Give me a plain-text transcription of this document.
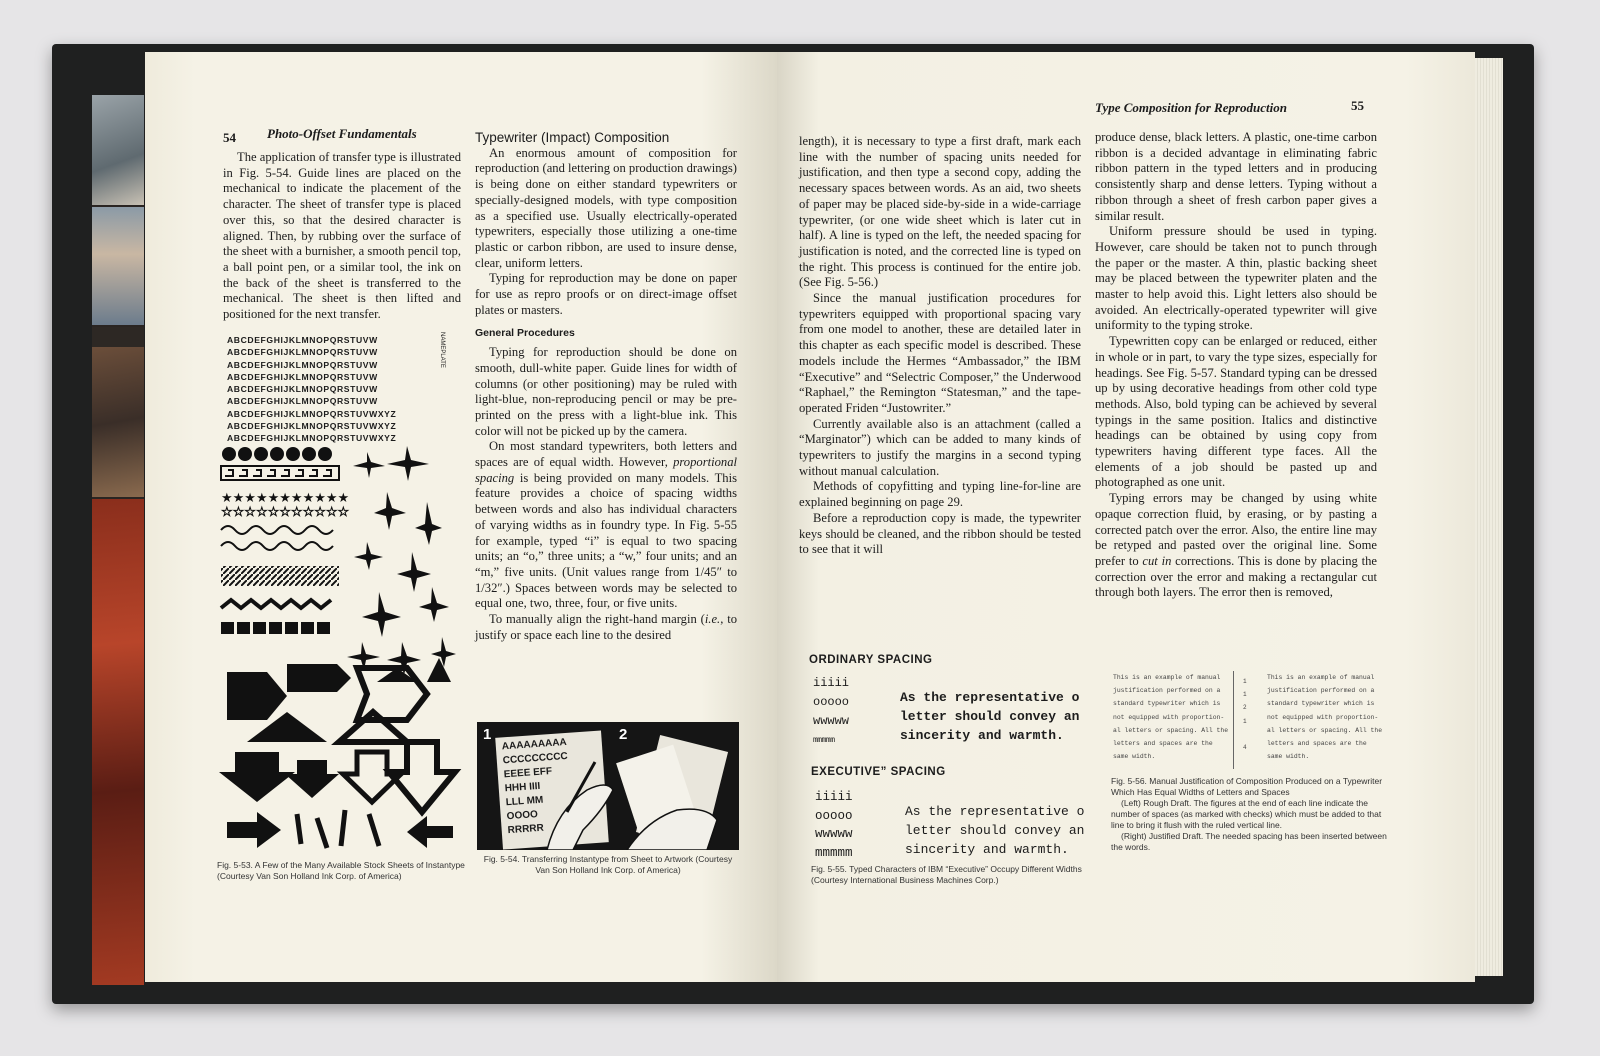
54 Photo-Offset Fundamentals

The application of transfer type is illustrated in Fig. 5-54. Guide lines are placed on the mechanical to indicate the placement of the character. The sheet of transfer type is placed over this, so that the desired character is aligned. Then, by rubbing over the surface of the sheet with a burnisher, a smooth pencil top, a ball point pen, or a similar tool, the ink on the back of the sheet is transferred to the mechanical. The sheet is then lifted and positioned for the next transfer.

ABCDEFGHIJKLMNOPQRSTUVW
ABCDEFGHIJKLMNOPQRSTUVW
ABCDEFGHIJKLMNOPQRSTUVW
ABCDEFGHIJKLMNOPQRSTUVW
ABCDEFGHIJKLMNOPQRSTUVW
ABCDEFGHIJKLMNOPQRSTUVW
ABCDEFGHIJKLMNOPQRSTUVWXYZ
ABCDEFGHIJKLMNOPQRSTUVWXYZ
ABCDEFGHIJKLMNOPQRSTUVWXYZ
NAMEPLATE
★★★★★★★★★★★
☆☆☆☆☆☆☆☆☆☆☆
Fig. 5-53. A Few of the Many Available Stock Sheets of Instantype (Courtesy Van Son Holland Ink Corp. of America)

Typewriter (Impact) Composition

An enormous amount of composition for reproduction (and lettering on production drawings) is being done on either standard typewriters or specially-designed models, with type composition as a specified use. Usually electrically-operated typewriters, especially those utilizing a one-time plastic or carbon ribbon, are used to insure dense, clear, uniform letters.

Typing for reproduction may be done on paper for use as repro proofs or on direct-image offset plates or masters.

General Procedures

Typing for reproduction should be done on smooth, dull-white paper. Guide lines for width of columns (or other positioning) may be ruled with light-blue, non-reproducing pencil or may be pre-printed on the press with a light-blue ink. This color will not be picked up by the camera.

On most standard typewriters, both letters and spaces are of equal width. However, proportional spacing is being provided on many models. This feature provides a choice of spacing widths between words and also has individual characters of varying widths as in foundry type. In Fig. 5-55 for example, typed “i” is equal to two spacing units; an “o,” three units; a “w,” four units; and an “m,” five units. (Unit values range from 1/45″ to 1/32″.) Spaces between words may be selected to equal one, two, three, four, or five units.

To manually align the right-hand margin (i.e., to justify or space each line to the desired

1	2
AAAAAAAAA
CCCCCCCCC
EEEE EFF
HHH IIII
LLL MM
OOOO
RRRRR
Fig. 5-54. Transferring Instantype from Sheet to Artwork (Courtesy Van Son Holland Ink Corp. of America)
Type Composition for Reproduction	55

length), it is necessary to type a first draft, mark each line with the number of spacing units needed for justification, and then type a second copy, adding the necessary spaces between words. As an aid, two sheets of paper may be placed side-by-side in a wide-carriage typewriter, (or one wide sheet which is later cut in half). A line is typed on the left, the needed spacing for justification is noted, and the corrected line is typed on the right. This process is continued for the entire job. (See Fig. 5-56.)

Since the manual justification procedures for typewriters equipped with proportional spacing vary from one model to another, these are detailed later in this chapter as each specific model is described. These models include the Hermes “Ambassador,” the IBM “Executive” and “Selectric Composer,” the Underwood “Raphael,” the Remington “Statesman,” and the tape-operated Friden “Justowriter.”

Currently available also is an attachment (called a “Marginator”) which can be added to many kinds of typewriters to justify the margins in a second typing without manual calculation.

Methods of copyfitting and typing line-for-line are explained beginning on page 29.

Before a reproduction copy is made, the typewriter keys should be cleaned, and the ribbon should be tested to see that it will

produce dense, black letters. A plastic, one-time carbon ribbon is a decided advantage in eliminating fabric ribbon pattern in the typed letters and in producing consistently sharp and dense letters. Typing without a ribbon through a sheet of fresh carbon paper gives a similar result.

Uniform pressure should be used in typing. However, care should be taken not to punch through the paper or the master. A thin, plastic backing sheet may be placed between the typewriter platen and the master to help avoid this. Light letters also should be avoided. An electrically-operated typewriter will give uniformity to the typing stroke.

Typewritten copy can be enlarged or reduced, either in whole or in part, to vary the type sizes, especially for headings. See Fig. 5-57. Standard typing can be dressed up by using decorative headings from other cold type methods. Also, bold typing can be achieved by several typings in the same position. Italics and distinctive headings can be obtained by using copy from typewriters having different type faces. All the elements of a job should be pasted up and photographed as one unit.

Typing errors may be changed by using white opaque correction fluid, by erasing, or by pasting a corrected patch over the error. Also, the entire line may be retyped and pasted over the original line. Some prefer to cut in corrections. This is done by placing the correction over the error and making a rectangular cut through both layers. The error then is removed,

ORDINARY SPACING
iiiii
ooooo
wwwww
mmmmm
As the representative o
letter should convey an
sincerity and warmth.
EXECUTIVE” SPACING
iiiii
ooooo
wwwww
mmmmm
As the representative o
letter should convey an
sincerity and warmth.
Fig. 5-55. Typed Characters of IBM “Executive” Occupy Different Widths (Courtesy International Business Machines Corp.)
This is an example of manual
justification performed on a
standard typewriter which is
not equipped with proportion-
al letters or spacing. All the
letters and spaces are the
same width.
1
1
2
1

4
This is an example of manual
justification performed on a
standard typewriter which is
not equipped with proportion-
al letters or spacing. All the
letters and spaces are the
same width.
Fig. 5-56. Manual Justification of Composition Produced on a Typewriter Which Has Equal Widths of Letters and Spaces
(Left) Rough Draft. The figures at the end of each line indicate the number of spaces (as marked with checks) which must be added to that line to bring it flush with the ruled vertical line.
(Right) Justified Draft. The needed spacing has been inserted between the words.
